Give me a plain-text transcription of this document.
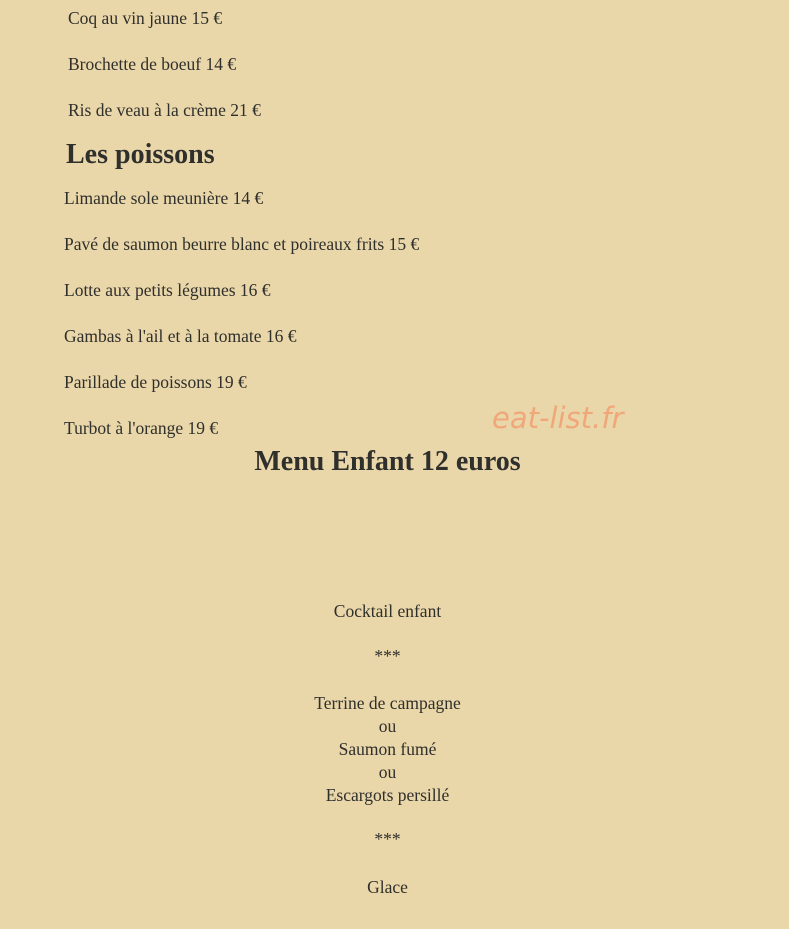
Coq au vin jaune 15 €
Brochette de boeuf 14 €
Ris de veau à la crème 21 €
Les poissons
Limande sole meunière 14 €
Pavé de saumon beurre blanc et poireaux frits 15 €
Lotte aux petits légumes 16 €
Gambas à l'ail et à la tomate 16 €
Parillade de poissons 19 €
Turbot à l'orange 19 €	eat-list.fr
Menu Enfant 12 euros
Cocktail enfant
***
Terrine de campagne
ou
Saumon fumé
ou
Escargots persillé
***
Glace
